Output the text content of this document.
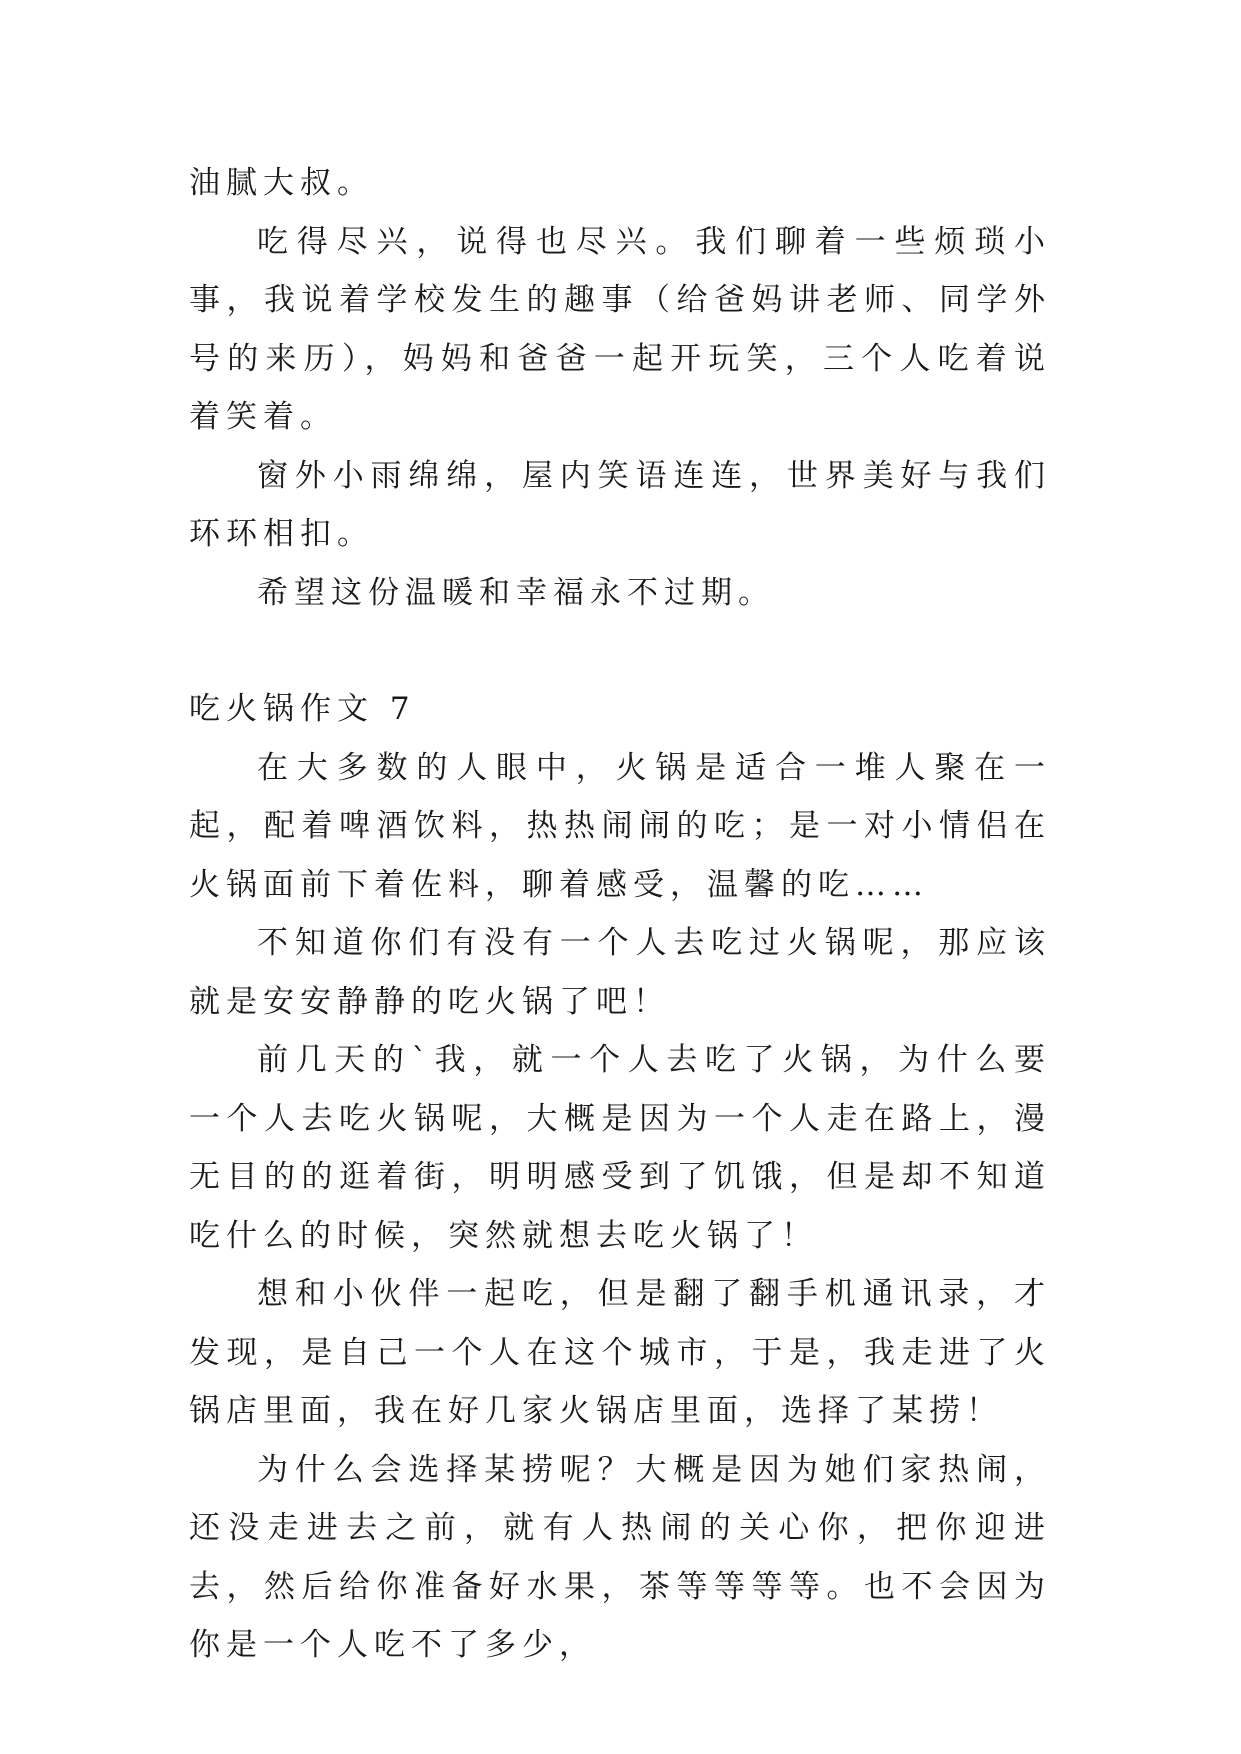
油腻大叔。

吃得尽兴，说得也尽兴。我们聊着一些烦琐小事，我说着学校发生的趣事（给爸妈讲老师、同学外号的来历），妈妈和爸爸一起开玩笑，三个人吃着说着笑着。

窗外小雨绵绵，屋内笑语连连，世界美好与我们环环相扣。

希望这份温暖和幸福永不过期。

吃火锅作文 7

在大多数的人眼中，火锅是适合一堆人聚在一起，配着啤酒饮料，热热闹闹的吃；是一对小情侣在火锅面前下着佐料，聊着感受，温馨的吃……

不知道你们有没有一个人去吃过火锅呢，那应该就是安安静静的吃火锅了吧！

前几天的`我，就一个人去吃了火锅，为什么要一个人去吃火锅呢，大概是因为一个人走在路上，漫无目的的逛着街，明明感受到了饥饿，但是却不知道吃什么的时候，突然就想去吃火锅了！

想和小伙伴一起吃，但是翻了翻手机通讯录，才发现，是自己一个人在这个城市，于是，我走进了火锅店里面，我在好几家火锅店里面，选择了某捞！

为什么会选择某捞呢？大概是因为她们家热闹，还没走进去之前，就有人热闹的关心你，把你迎进去，然后给你准备好水果，茶等等等等。也不会因为你是一个人吃不了多少，
